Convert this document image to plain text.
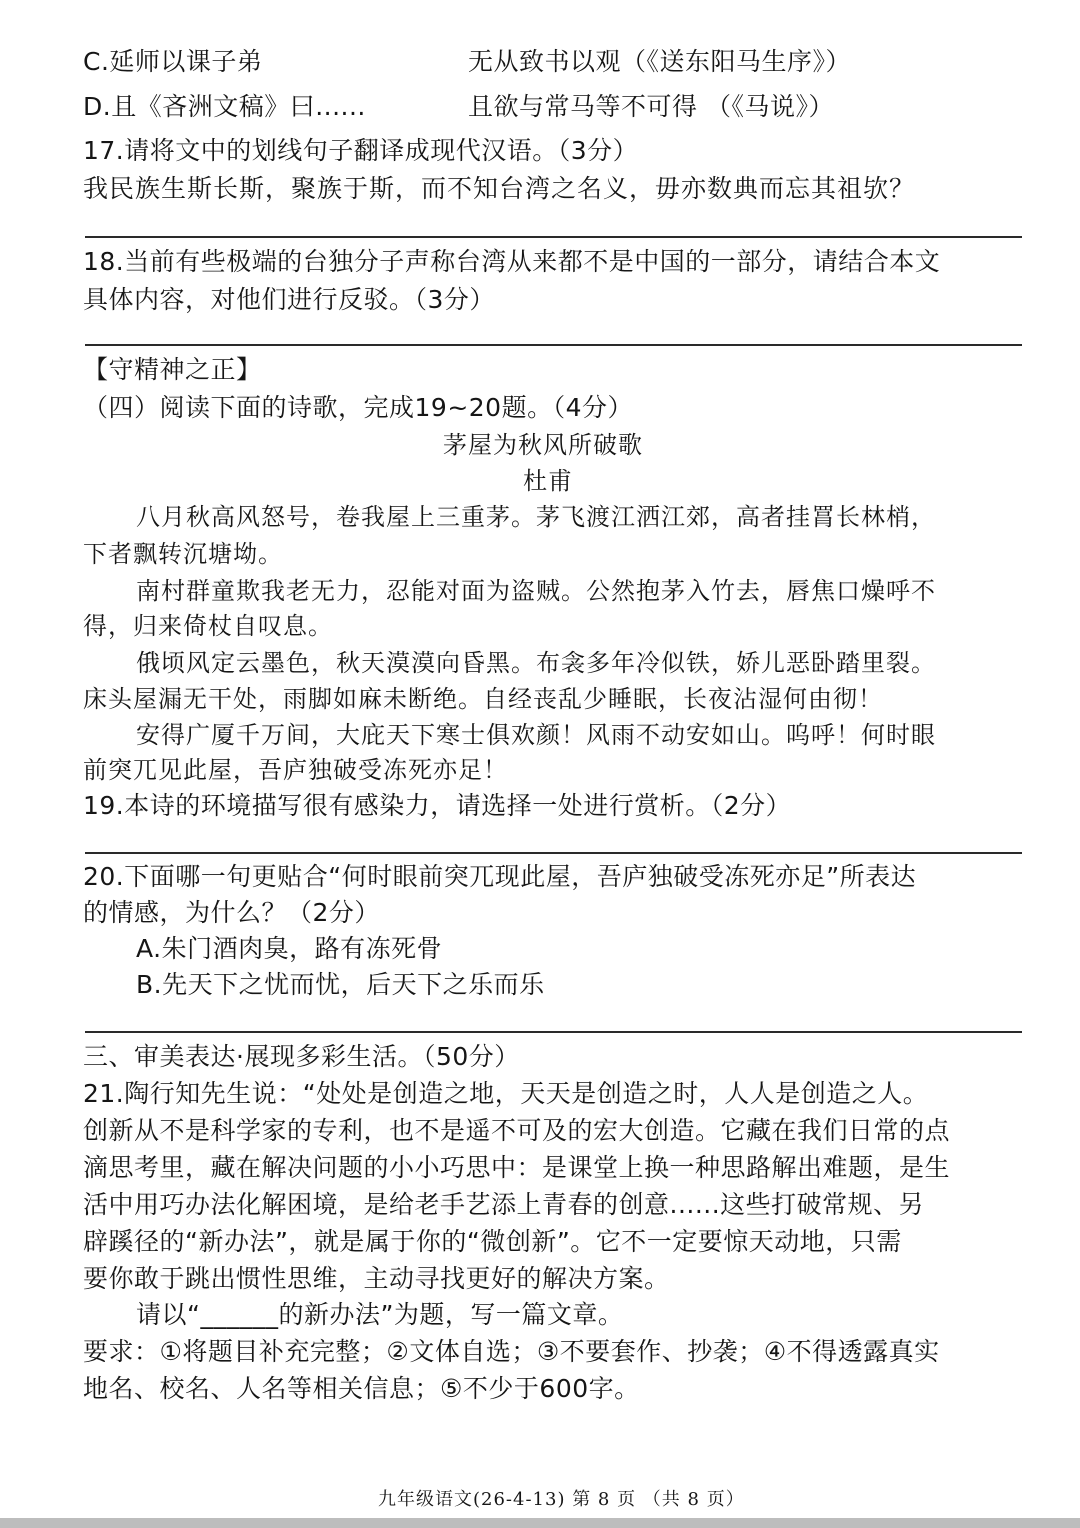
C.延师以课子弟	无从致书以观（《送东阳马生序》）
D.且《吝洲文稿》曰......	且欲与常马等不可得 （《马说》）
17.请将文中的划线句子翻译成现代汉语。（3分）
我民族生斯长斯，聚族于斯，而不知台湾之名义，毋亦数典而忘其祖欤？
18.当前有些极端的台独分子声称台湾从来都不是中国的一部分，请结合本文
具体内容，对他们进行反驳。（3分）
【守精神之正】
（四）阅读下面的诗歌，完成19~20题。（4分）
茅屋为秋风所破歌
杜甫
八月秋高风怒号，卷我屋上三重茅。茅飞渡江洒江郊，高者挂罥长林梢，
下者飘转沉塘坳。
南村群童欺我老无力，忍能对面为盗贼。公然抱茅入竹去，唇焦口燥呼不
得，归来倚杖自叹息。
俄顷风定云墨色，秋天漠漠向昏黑。布衾多年冷似铁，娇儿恶卧踏里裂。
床头屋漏无干处，雨脚如麻未断绝。自经丧乱少睡眠，长夜沾湿何由彻！
安得广厦千万间，大庇天下寒士俱欢颜！风雨不动安如山。呜呼！何时眼
前突兀见此屋，吾庐独破受冻死亦足！
19.本诗的环境描写很有感染力，请选择一处进行赏析。（2分）
20.下面哪一句更贴合“何时眼前突兀现此屋，吾庐独破受冻死亦足”所表达
的情感，为什么？（2分）
A.朱门酒肉臭，路有冻死骨
B.先天下之忧而忧，后天下之乐而乐
三、审美表达·展现多彩生活。（50分）
21.陶行知先生说：“处处是创造之地，天天是创造之时，人人是创造之人。
创新从不是科学家的专利，也不是遥不可及的宏大创造。它藏在我们日常的点
滴思考里，藏在解决问题的小小巧思中：是课堂上换一种思路解出难题，是生
活中用巧办法化解困境，是给老手艺添上青春的创意......这些打破常规、另
辟蹊径的“新办法”，就是属于你的“微创新”。它不一定要惊天动地，只需
要你敢于跳出惯性思维，主动寻找更好的解决方案。
请以“______的新办法”为题，写一篇文章。
要求：①将题目补充完整；②文体自选；③不要套作、抄袭；④不得透露真实
地名、校名、人名等相关信息；⑤不少于600字。
九年级语文(26-4-13) 第 8 页 （共 8 页）
